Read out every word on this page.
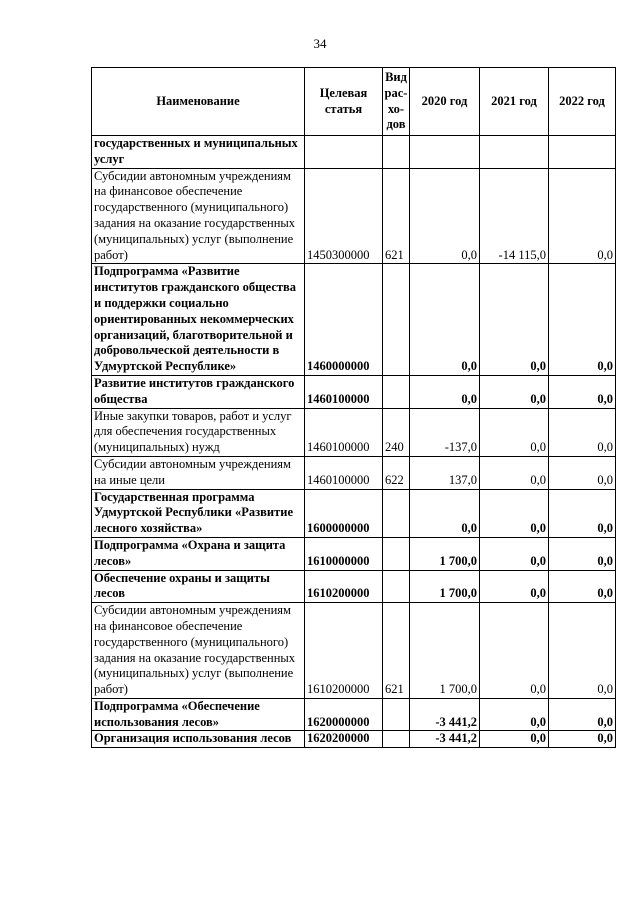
34
Наименование	Целевая статья	Вид рас- хо- дов	2020 год	2021 год	2022 год
государственных и муниципальных услуг					
Субсидии автономным учреждениям на финансовое обеспечение государственного (муниципального) задания на оказание государственных (муниципальных) услуг (выполнение работ)	1450300000	621	0,0	-14 115,0	0,0
Подпрограмма «Развитие институтов гражданского общества и поддержки социально ориентированных некоммерческих организаций, благотворительной и добровольческой деятельности в Удмуртской Республике»	1460000000		0,0	0,0	0,0
Развитие институтов гражданского общества	1460100000		0,0	0,0	0,0
Иные закупки товаров, работ и услуг для обеспечения государственных (муниципальных) нужд	1460100000	240	-137,0	0,0	0,0
Субсидии автономным учреждениям на иные цели	1460100000	622	137,0	0,0	0,0
Государственная программа Удмуртской Республики «Развитие лесного хозяйства»	1600000000		0,0	0,0	0,0
Подпрограмма «Охрана и защита лесов»	1610000000		1 700,0	0,0	0,0
Обеспечение охраны и защиты лесов	1610200000		1 700,0	0,0	0,0
Субсидии автономным учреждениям на финансовое обеспечение государственного (муниципального) задания на оказание государственных (муниципальных) услуг (выполнение работ)	1610200000	621	1 700,0	0,0	0,0
Подпрограмма «Обеспечение использования лесов»	1620000000		-3 441,2	0,0	0,0
Организация использования лесов	1620200000		-3 441,2	0,0	0,0
